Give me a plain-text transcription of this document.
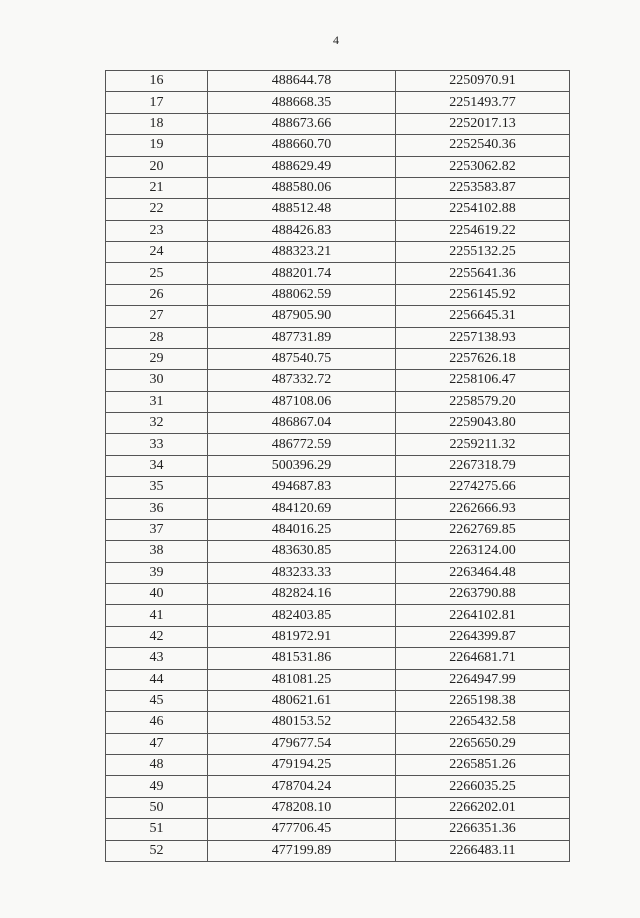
4
16	488644.78	2250970.91
17	488668.35	2251493.77
18	488673.66	2252017.13
19	488660.70	2252540.36
20	488629.49	2253062.82
21	488580.06	2253583.87
22	488512.48	2254102.88
23	488426.83	2254619.22
24	488323.21	2255132.25
25	488201.74	2255641.36
26	488062.59	2256145.92
27	487905.90	2256645.31
28	487731.89	2257138.93
29	487540.75	2257626.18
30	487332.72	2258106.47
31	487108.06	2258579.20
32	486867.04	2259043.80
33	486772.59	2259211.32
34	500396.29	2267318.79
35	494687.83	2274275.66
36	484120.69	2262666.93
37	484016.25	2262769.85
38	483630.85	2263124.00
39	483233.33	2263464.48
40	482824.16	2263790.88
41	482403.85	2264102.81
42	481972.91	2264399.87
43	481531.86	2264681.71
44	481081.25	2264947.99
45	480621.61	2265198.38
46	480153.52	2265432.58
47	479677.54	2265650.29
48	479194.25	2265851.26
49	478704.24	2266035.25
50	478208.10	2266202.01
51	477706.45	2266351.36
52	477199.89	2266483.11
